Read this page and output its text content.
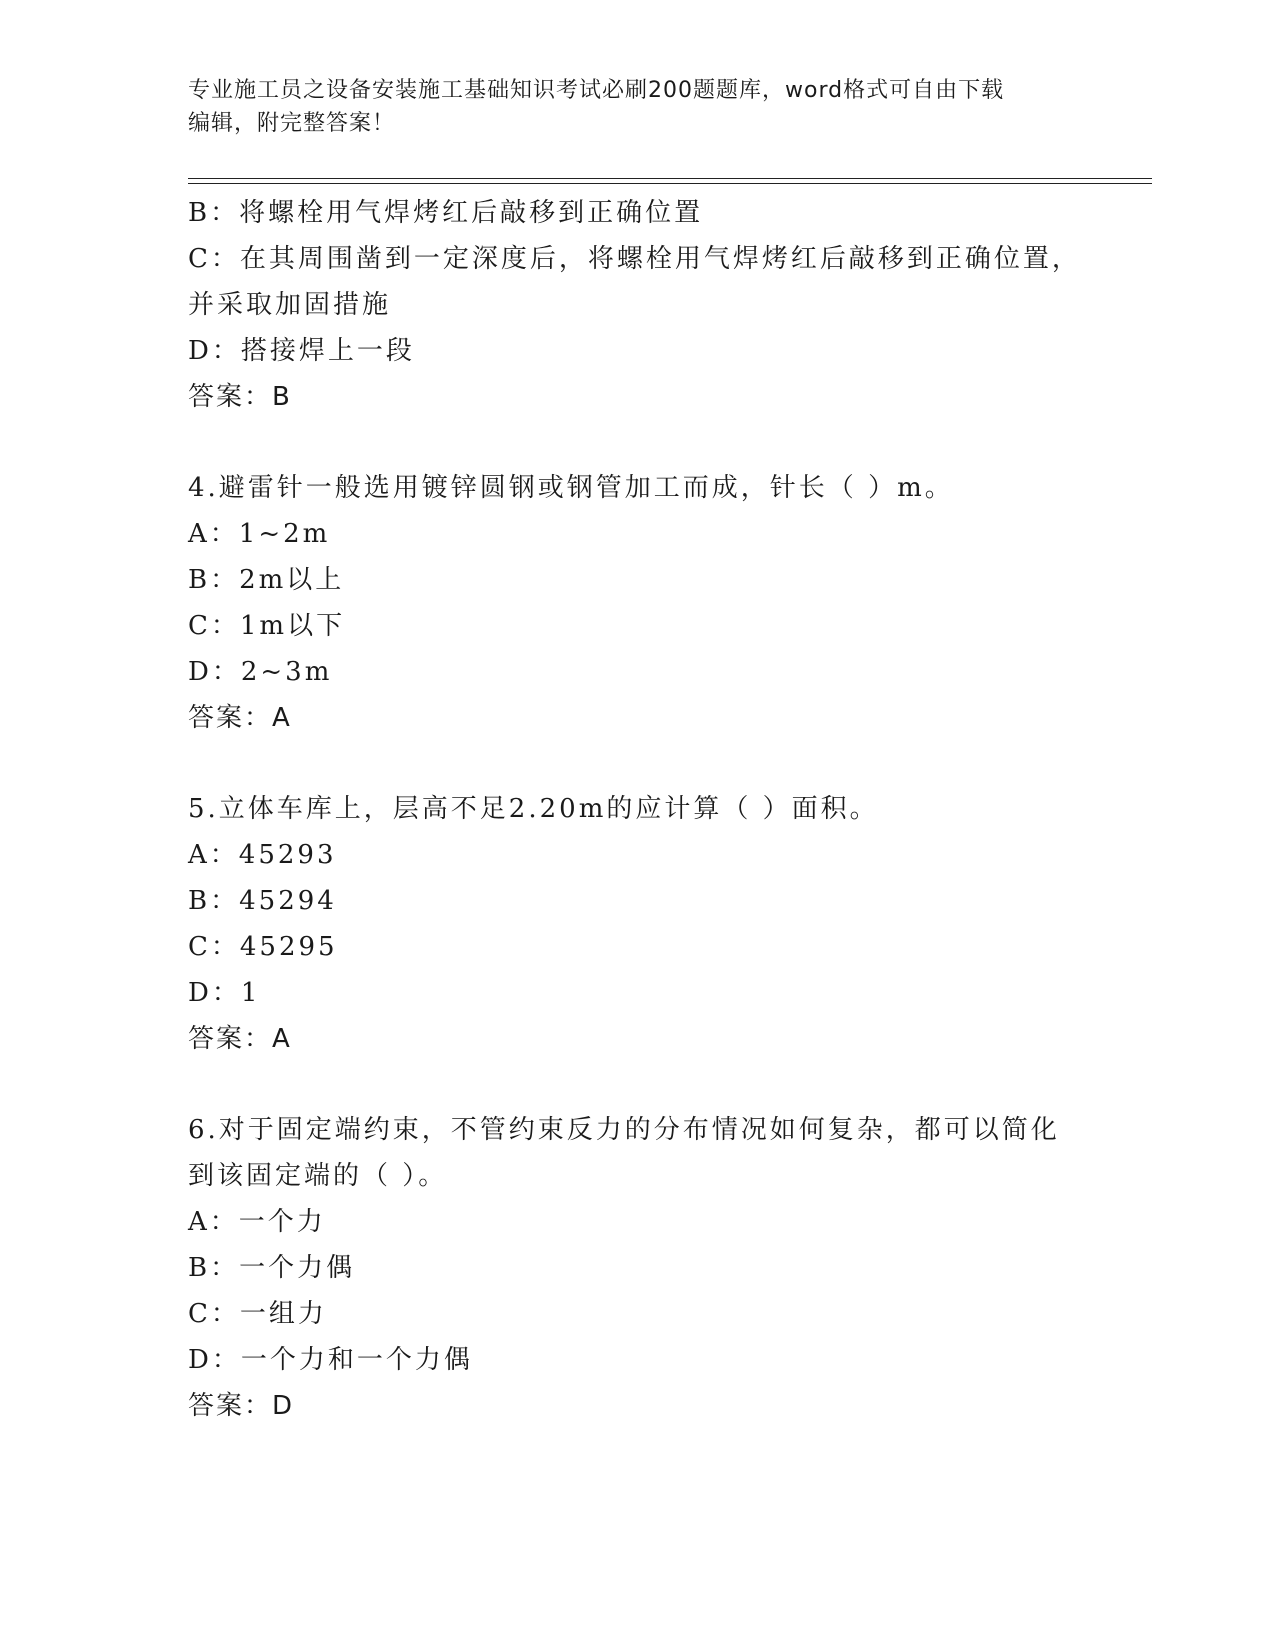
专业施工员之设备安装施工基础知识考试必刷200题题库，word格式可自由下载
编辑，附完整答案！
B：将螺栓用气焊烤红后敲移到正确位置
C：在其周围凿到一定深度后，将螺栓用气焊烤红后敲移到正确位置，
并采取加固措施
D：搭接焊上一段
答案：B
4.避雷针一般选用镀锌圆钢或钢管加工而成，针长（ ）m。
A：1~2m
B：2m以上
C：1m以下
D：2~3m
答案：A
5.立体车库上，层高不足2.20m的应计算（ ）面积。
A：45293
B：45294
C：45295
D：1
答案：A
6.对于固定端约束，不管约束反力的分布情况如何复杂，都可以简化
到该固定端的（ ）。
A：一个力
B：一个力偶
C：一组力
D：一个力和一个力偶
答案：D
